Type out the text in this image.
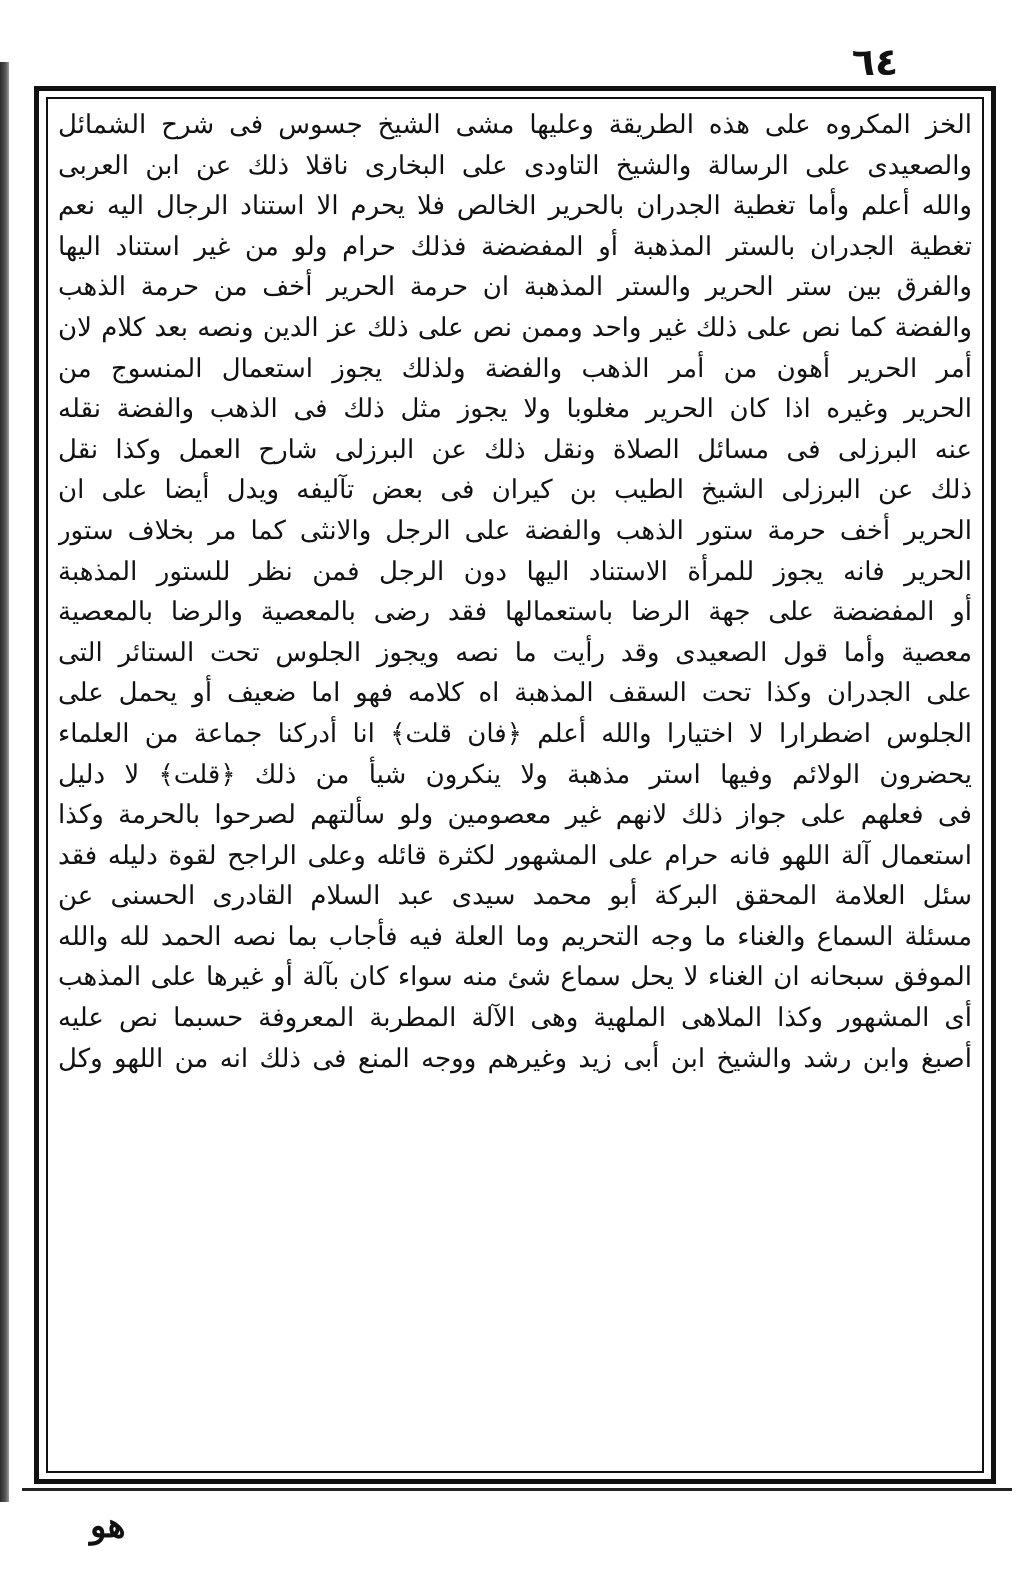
٦٤
الخز المكروه على هذه الطريقة وعليها مشى الشيخ جسوس فى شرح الشمائل
والصعيدى على الرسالة والشيخ التاودى على البخارى ناقلا ذلك عن ابن العربى
والله أعلم وأما تغطية الجدران بالحرير الخالص فلا يحرم الا استناد الرجال اليه نعم
تغطية الجدران بالستر المذهبة أو المفضضة فذلك حرام ولو من غير استناد اليها
والفرق بين ستر الحرير والستر المذهبة ان حرمة الحرير أخف من حرمة الذهب
والفضة كما نص على ذلك غير واحد وممن نص على ذلك عز الدين ونصه بعد كلام لان
أمر الحرير أهون من أمر الذهب والفضة ولذلك يجوز استعمال المنسوج من
الحرير وغيره اذا كان الحرير مغلوبا ولا يجوز مثل ذلك فى الذهب والفضة نقله
عنه البرزلى فى مسائل الصلاة ونقل ذلك عن البرزلى شارح العمل وكذا نقل
ذلك عن البرزلى الشيخ الطيب بن كيران فى بعض تآليفه ويدل أيضا على ان
الحرير أخف حرمة ستور الذهب والفضة على الرجل والانثى كما مر بخلاف ستور
الحرير فانه يجوز للمرأة الاستناد اليها دون الرجل فمن نظر للستور المذهبة
أو المفضضة على جهة الرضا باستعمالها فقد رضى بالمعصية والرضا بالمعصية
معصية وأما قول الصعيدى وقد رأيت ما نصه ويجوز الجلوس تحت الستائر التى
على الجدران وكذا تحت السقف المذهبة اه كلامه فهو اما ضعيف أو يحمل على
الجلوس اضطرارا لا اختيارا والله أعلم ﴿فان قلت﴾ انا أدركنا جماعة من العلماء
يحضرون الولائم وفيها استر مذهبة ولا ينكرون شيأ من ذلك ﴿قلت﴾ لا دليل
فى فعلهم على جواز ذلك لانهم غير معصومين ولو سألتهم لصرحوا بالحرمة وكذا
استعمال آلة اللهو فانه حرام على المشهور لكثرة قائله وعلى الراجح لقوة دليله فقد
سئل العلامة المحقق البركة أبو محمد سيدى عبد السلام القادرى الحسنى عن
مسئلة السماع والغناء ما وجه التحريم وما العلة فيه فأجاب بما نصه الحمد لله والله
الموفق سبحانه ان الغناء لا يحل سماع شئ منه سواء كان بآلة أو غيرها على المذهب
أى المشهور وكذا الملاهى الملهية وهى الآلة المطربة المعروفة حسبما نص عليه
أصبغ وابن رشد والشيخ ابن أبى زيد وغيرهم ووجه المنع فى ذلك انه من اللهو وكل
هو
